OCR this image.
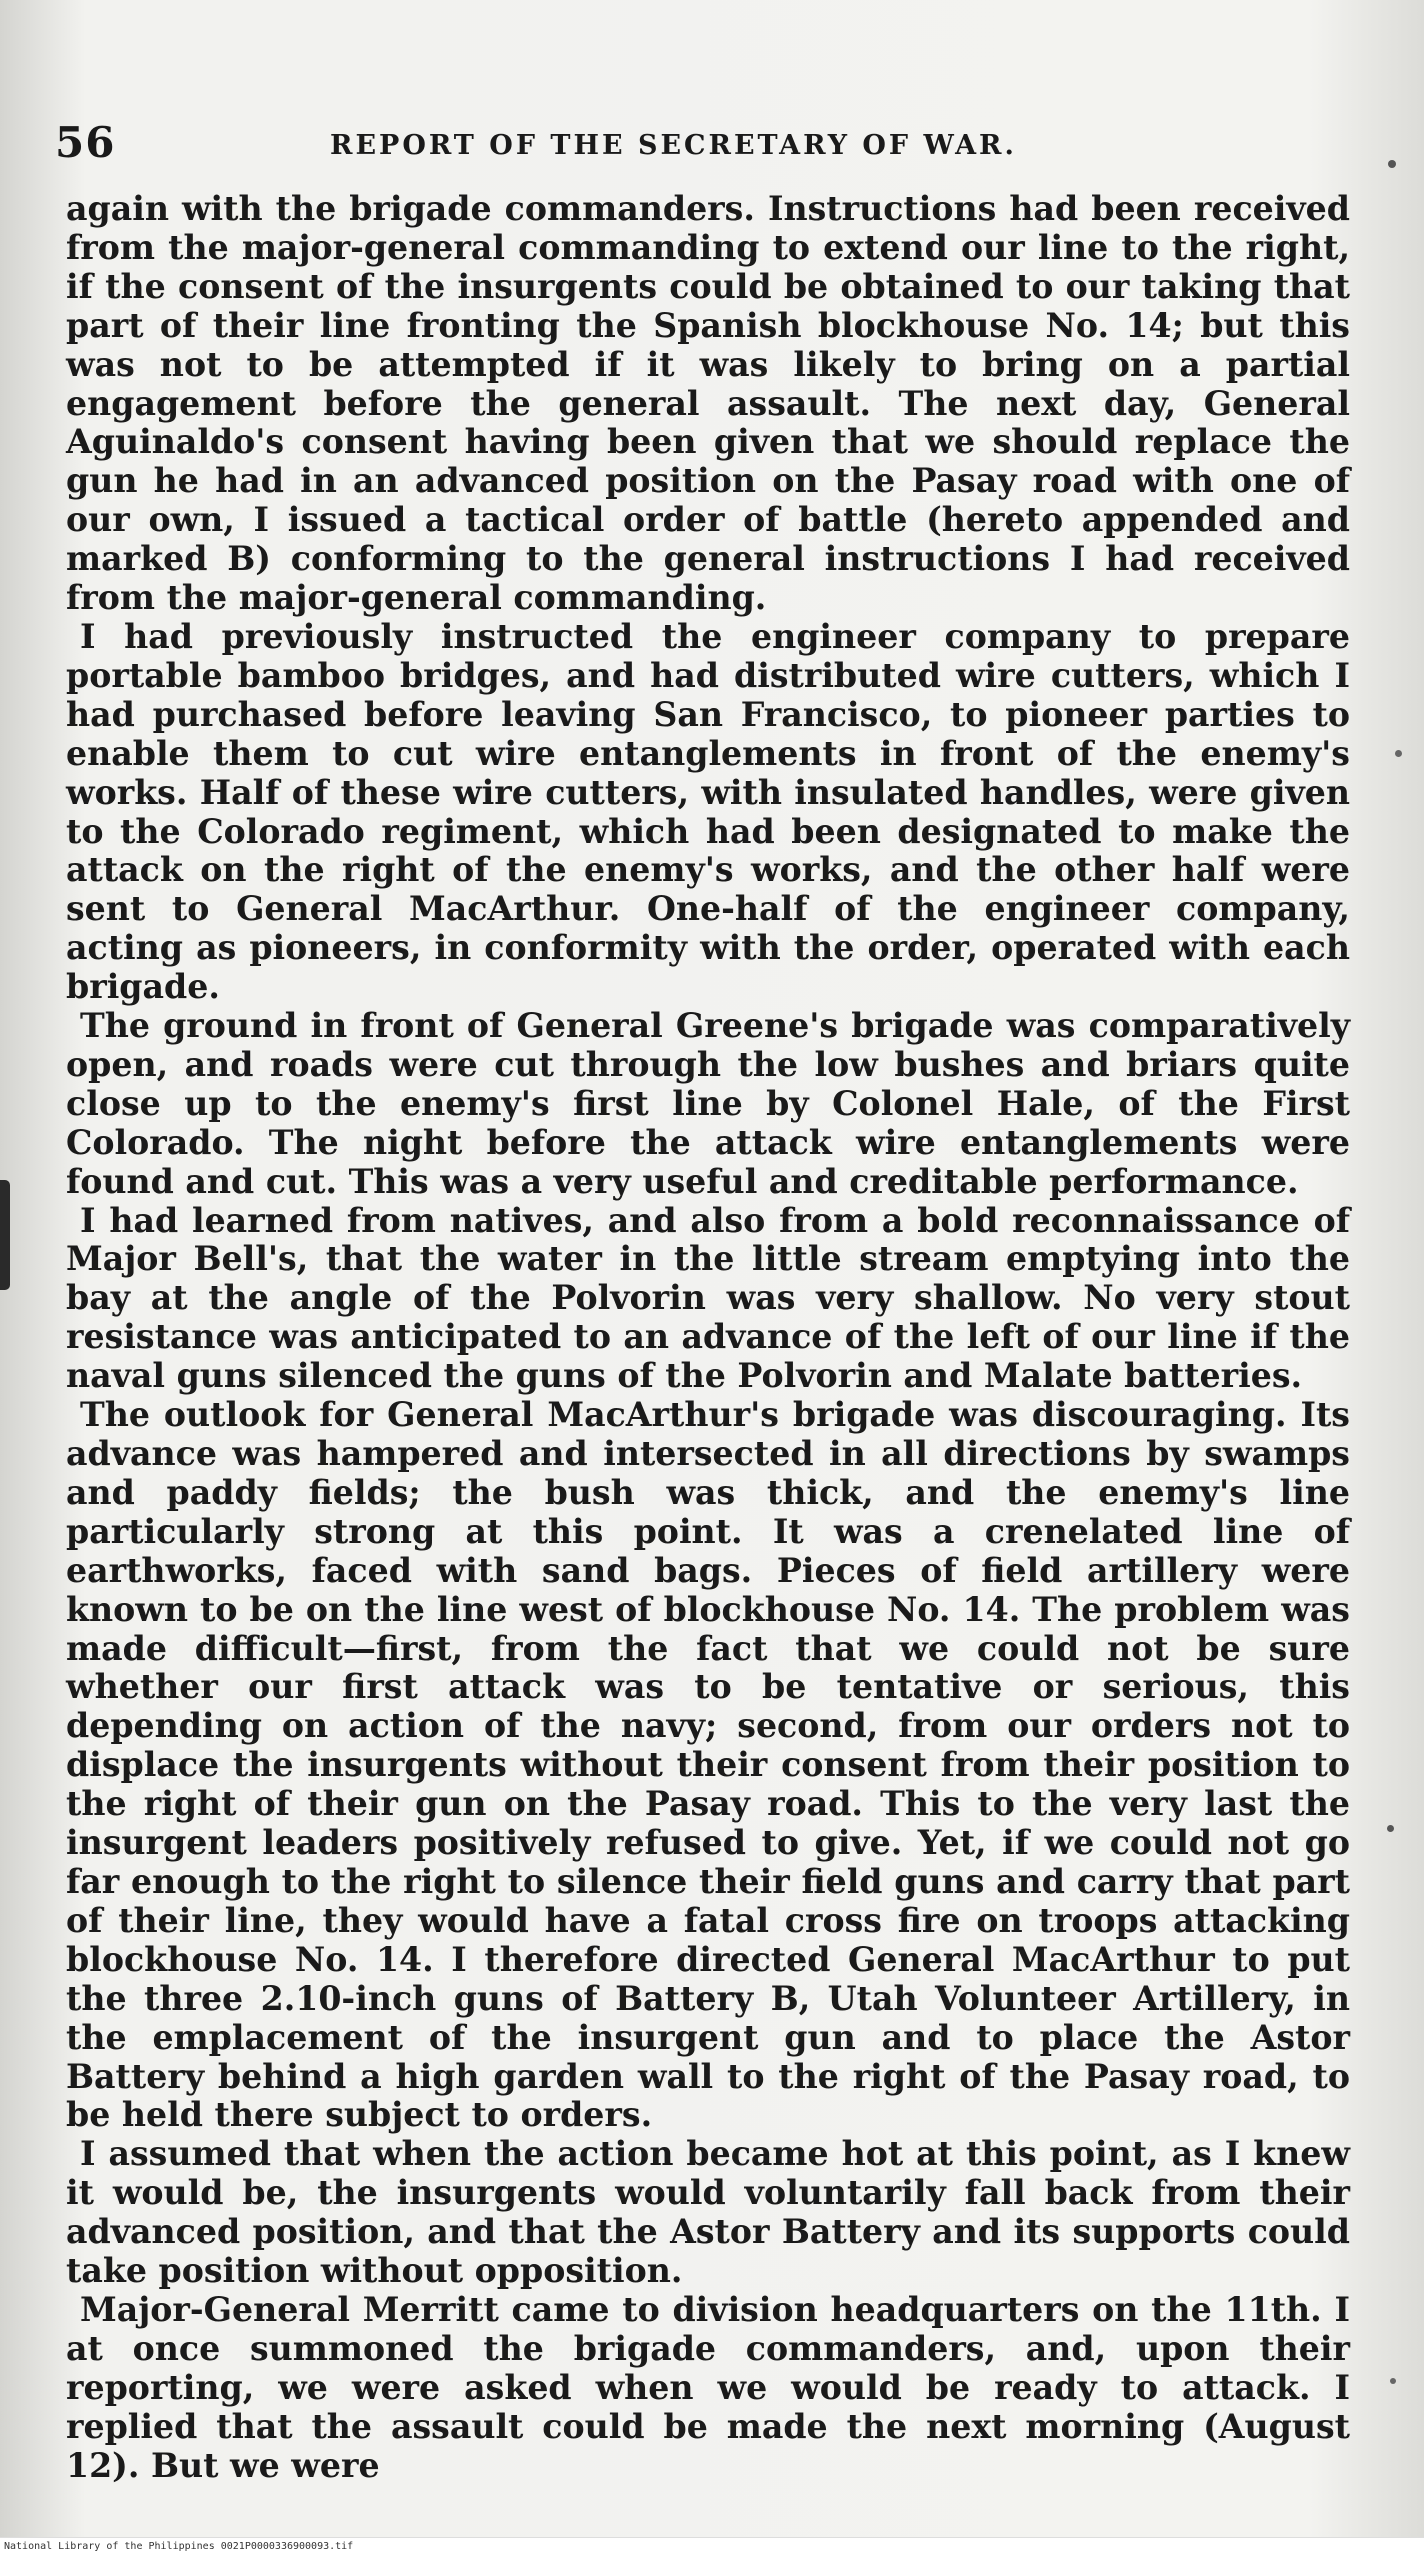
56	REPORT OF THE SECRETARY OF WAR.

again with the brigade commanders. Instructions had been received from the major-general commanding to extend our line to the right, if the consent of the insurgents could be obtained to our taking that part of their line fronting the Spanish blockhouse No. 14; but this was not to be attempted if it was likely to bring on a partial engagement before the general assault. The next day, General Aguinaldo's consent having been given that we should replace the gun he had in an advanced position on the Pasay road with one of our own, I issued a tactical order of battle (hereto appended and marked B) conforming to the general instructions I had received from the major-general commanding.

I had previously instructed the engineer company to prepare portable bamboo bridges, and had distributed wire cutters, which I had purchased before leaving San Francisco, to pioneer parties to enable them to cut wire entanglements in front of the enemy's works. Half of these wire cutters, with insulated handles, were given to the Colorado regiment, which had been designated to make the attack on the right of the enemy's works, and the other half were sent to General MacArthur. One-half of the engineer company, acting as pioneers, in conformity with the order, operated with each brigade.

The ground in front of General Greene's brigade was comparatively open, and roads were cut through the low bushes and briars quite close up to the enemy's first line by Colonel Hale, of the First Colorado. The night before the attack wire entanglements were found and cut. This was a very useful and creditable performance.

I had learned from natives, and also from a bold reconnaissance of Major Bell's, that the water in the little stream emptying into the bay at the angle of the Polvorin was very shallow. No very stout resistance was anticipated to an advance of the left of our line if the naval guns silenced the guns of the Polvorin and Malate batteries.

The outlook for General MacArthur's brigade was discouraging. Its advance was hampered and intersected in all directions by swamps and paddy fields; the bush was thick, and the enemy's line particularly strong at this point. It was a crenelated line of earthworks, faced with sand bags. Pieces of field artillery were known to be on the line west of blockhouse No. 14. The problem was made difficult—first, from the fact that we could not be sure whether our first attack was to be tentative or serious, this depending on action of the navy; second, from our orders not to displace the insurgents without their consent from their position to the right of their gun on the Pasay road. This to the very last the insurgent leaders positively refused to give. Yet, if we could not go far enough to the right to silence their field guns and carry that part of their line, they would have a fatal cross fire on troops attacking blockhouse No. 14. I therefore directed General MacArthur to put the three 2.10-inch guns of Battery B, Utah Volunteer Artillery, in the emplacement of the insurgent gun and to place the Astor Battery behind a high garden wall to the right of the Pasay road, to be held there subject to orders.

I assumed that when the action became hot at this point, as I knew it would be, the insurgents would voluntarily fall back from their advanced position, and that the Astor Battery and its supports could take position without opposition.

Major-General Merritt came to division headquarters on the 11th. I at once summoned the brigade commanders, and, upon their reporting, we were asked when we would be ready to attack. I replied that the assault could be made the next morning (August 12). But we were

National Library of the Philippines 0021P0000336900093.tif
